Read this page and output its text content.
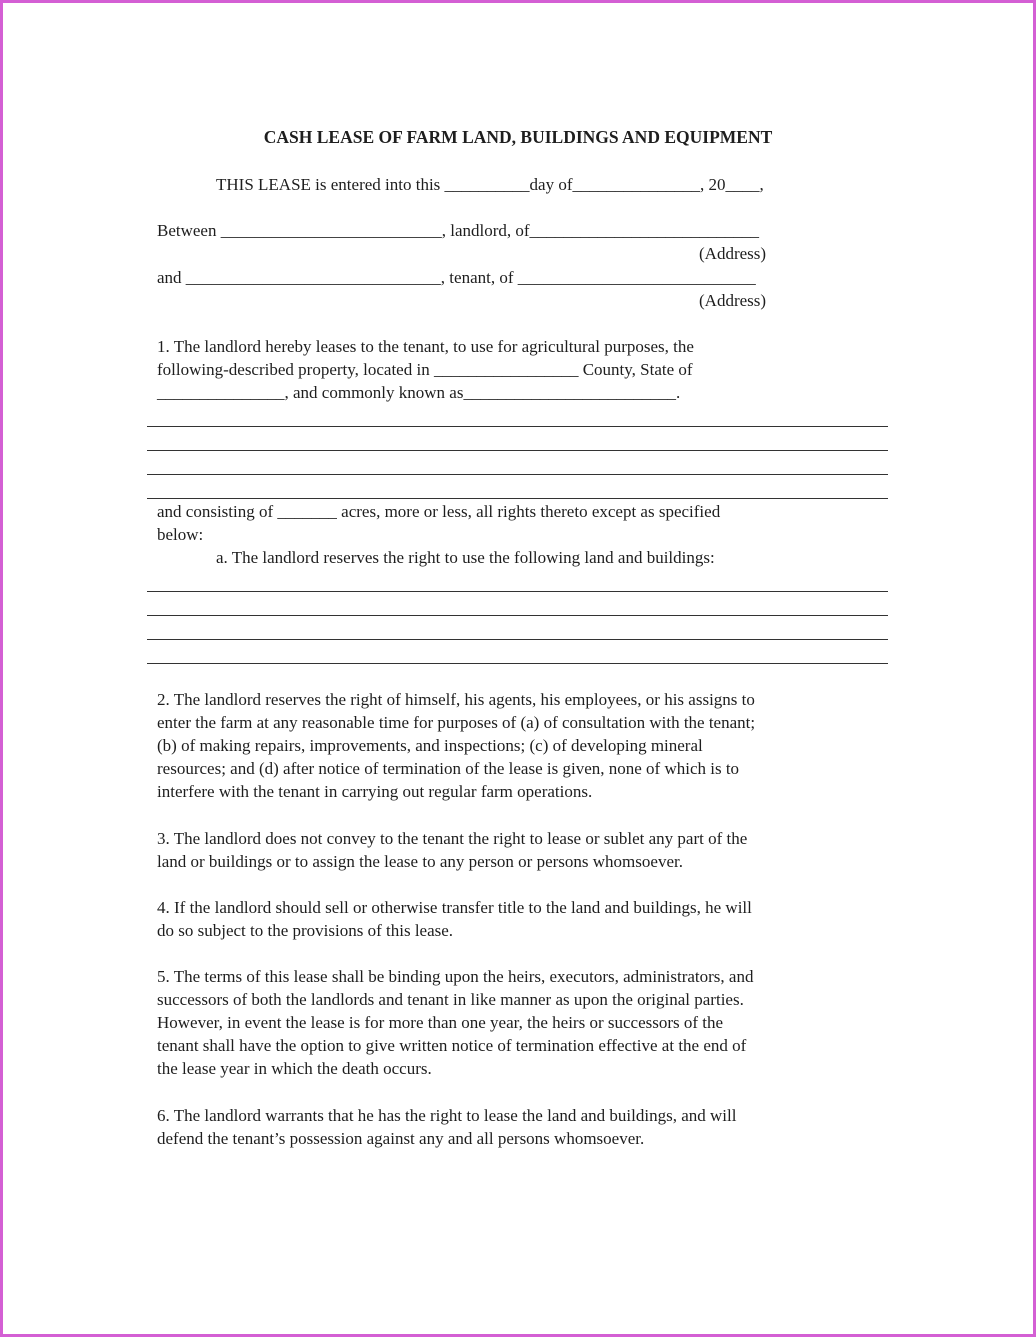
CASH LEASE OF FARM LAND, BUILDINGS AND EQUIPMENT
THIS LEASE is entered into this __________day of_______________, 20____,
Between __________________________, landlord, of___________________________
(Address)
and ______________________________, tenant, of ____________________________
(Address)
1. The landlord hereby leases to the tenant, to use for agricultural purposes, the
following-described property, located in _________________ County, State of
_______________, and commonly known as_________________________.
and consisting of _______ acres, more or less, all rights thereto except as specified
below:
a. The landlord reserves the right to use the following land and buildings:
2. The landlord reserves the right of himself, his agents, his employees, or his assigns to
enter the farm at any reasonable time for purposes of (a) of consultation with the tenant;
(b) of making repairs, improvements, and inspections; (c) of developing mineral
resources; and (d) after notice of termination of the lease is given, none of which is to
interfere with the tenant in carrying out regular farm operations.
3. The landlord does not convey to the tenant the right to lease or sublet any part of the
land or buildings or to assign the lease to any person or persons whomsoever.
4. If the landlord should sell or otherwise transfer title to the land and buildings, he will
do so subject to the provisions of this lease.
5. The terms of this lease shall be binding upon the heirs, executors, administrators, and
successors of both the landlords and tenant in like manner as upon the original parties.
However, in event the lease is for more than one year, the heirs or successors of the
tenant shall have the option to give written notice of termination effective at the end of
the lease year in which the death occurs.
6. The landlord warrants that he has the right to lease the land and buildings, and will
defend the tenant’s possession against any and all persons whomsoever.
